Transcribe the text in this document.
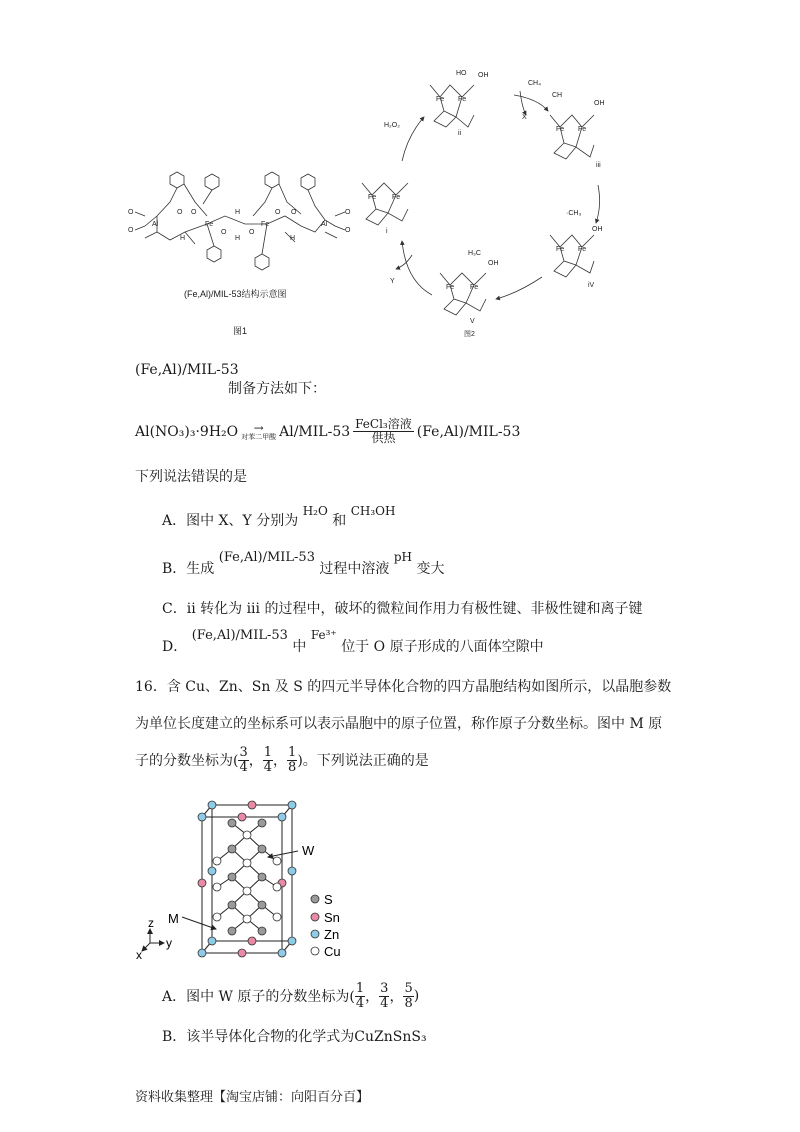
Al	Al
Fe	Fe
H
H
H	H
O
O
O
O
O O	O O
O	O
(Fe,Al)/MIL-53结构示意图
图1
Fe Fe
HO OH
ii
Fe Fe
CH
OH
iii
Fe Fe
OH
iV
Fe Fe
H₃C
OH
V
Fe Fe
i
H₂O₂
CH₄
X
·CH₃
Y
图2
(Fe,Al)/MIL-53
制备方法如下：
Al(NO₃)₃·9H₂O	→
对苯二甲酸 Al/MIL-53 FeCl₃溶液
供热	(Fe,Al)/MIL-53
下列说法错误的是
A．图中 X、Y 分别为 H₂O 和 CH₃OH
B．生成 (Fe,Al)/MIL-53 过程中溶液 pH 变大
C．ii 转化为 iii 的过程中，破坏的微粒间作用力有极性键、非极性键和离子键
D． (Fe,Al)/MIL-53 中 Fe³⁺ 位于 O 原子形成的八面体空隙中
16．含 Cu、Zn、Sn 及 S 的四元半导体化合物的四方晶胞结构如图所示，以晶胞参数
为单位长度建立的坐标系可以表示晶胞中的原子位置，称作原子分数坐标。图中 M 原
子的分数坐标为( $\frac{3}{4}$ ， $\frac{1}{4}$ ， $\frac{1}{8}$ )。下列说法正确的是
W
M
z
y
x
S
Sn
Zn
Cu
A．图中 W 原子的分数坐标为( $\frac{1}{4}$ ， $\frac{3}{4}$ ， $\frac{5}{8}$ )
B．该半导体化合物的化学式为CuZnSnS₃
资料收集整理【淘宝店铺：向阳百分百】
